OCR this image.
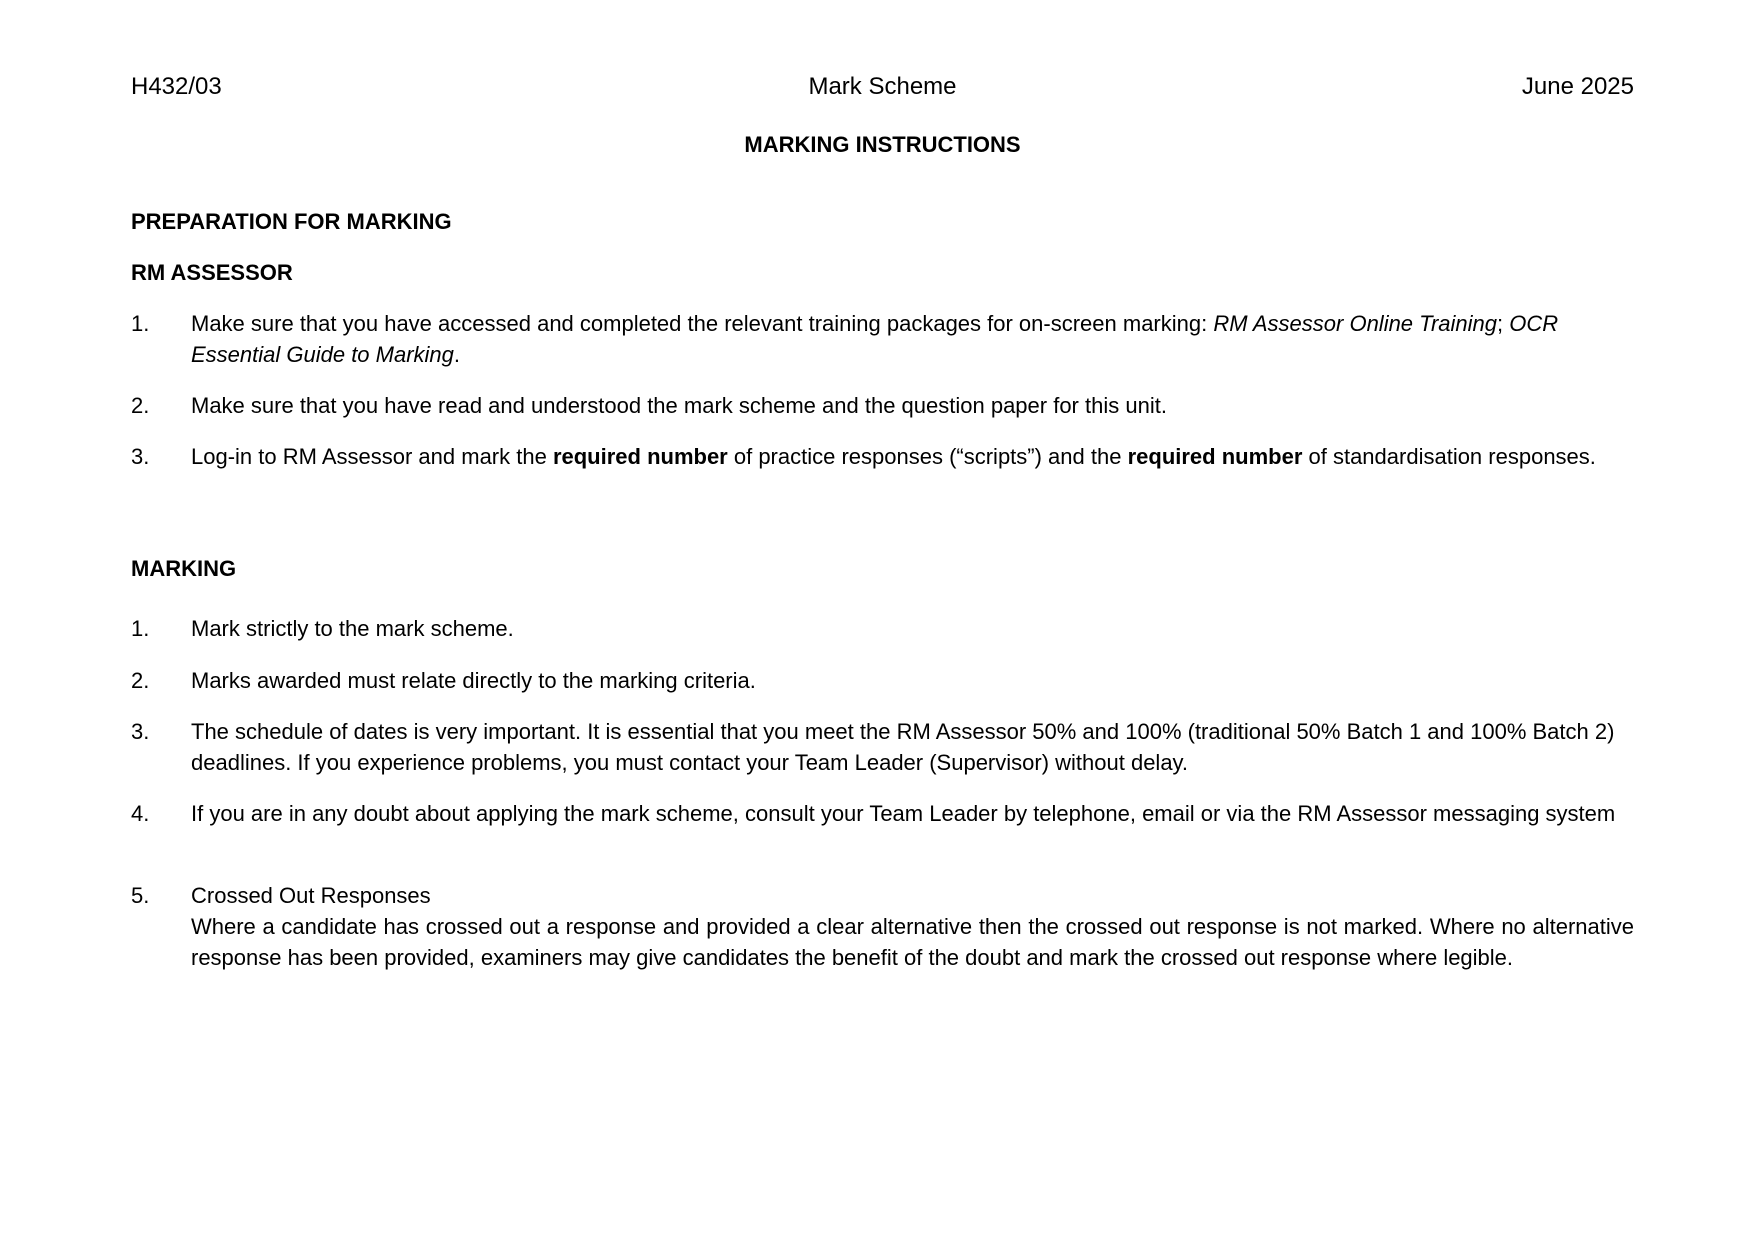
H432/03	Mark Scheme	June 2025
MARKING INSTRUCTIONS
PREPARATION FOR MARKING
RM ASSESSOR
1.	Make sure that you have accessed and completed the relevant training packages for on-screen marking: RM Assessor Online Training; OCR Essential Guide to Marking.
2.	Make sure that you have read and understood the mark scheme and the question paper for this unit.
3.	Log-in to RM Assessor and mark the required number of practice responses (“scripts”) and the required number of standardisation responses.
MARKING
1.	Mark strictly to the mark scheme.
2.	Marks awarded must relate directly to the marking criteria.
3.	The schedule of dates is very important. It is essential that you meet the RM Assessor 50% and 100% (traditional 50% Batch 1 and 100% Batch 2) deadlines. If you experience problems, you must contact your Team Leader (Supervisor) without delay.
4.	If you are in any doubt about applying the mark scheme, consult your Team Leader by telephone, email or via the RM Assessor messaging system
5.	Crossed Out Responses

Where a candidate has crossed out a response and provided a clear alternative then the crossed out response is not marked. Where no alternative response has been provided, examiners may give candidates the benefit of the doubt and mark the crossed out response where legible.
